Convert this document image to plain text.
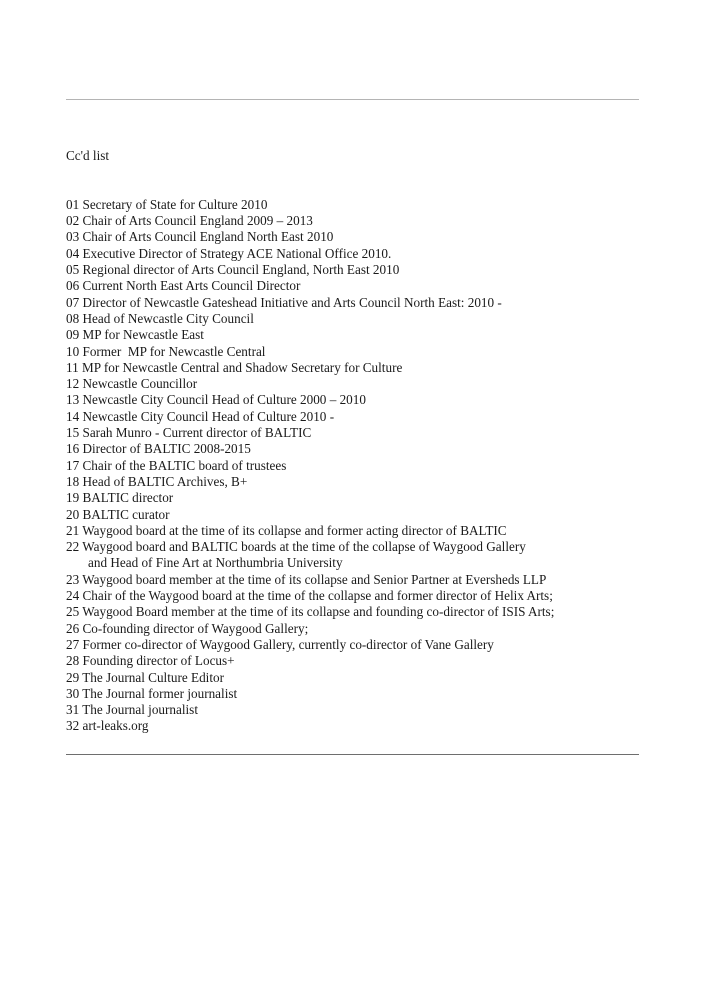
Cc'd list

01 Secretary of State for Culture 2010
02 Chair of Arts Council England 2009 – 2013
03 Chair of Arts Council England North East 2010
04 Executive Director of Strategy ACE National Office 2010.
05 Regional director of Arts Council England, North East 2010
06 Current North East Arts Council Director
07 Director of Newcastle Gateshead Initiative and Arts Council North East: 2010 -
08 Head of Newcastle City Council
09 MP for Newcastle East
10 Former  MP for Newcastle Central
11 MP for Newcastle Central and Shadow Secretary for Culture
12 Newcastle Councillor
13 Newcastle City Council Head of Culture 2000 – 2010
14 Newcastle City Council Head of Culture 2010 -
15 Sarah Munro - Current director of BALTIC
16 Director of BALTIC 2008-2015
17 Chair of the BALTIC board of trustees
18 Head of BALTIC Archives, B+
19 BALTIC director
20 BALTIC curator
21 Waygood board at the time of its collapse and former acting director of BALTIC
22 Waygood board and BALTIC boards at the time of the collapse of Waygood Gallery
and Head of Fine Art at Northumbria University
23 Waygood board member at the time of its collapse and Senior Partner at Eversheds LLP
24 Chair of the Waygood board at the time of the collapse and former director of Helix Arts;
25 Waygood Board member at the time of its collapse and founding co-director of ISIS Arts;
26 Co-founding director of Waygood Gallery;
27 Former co-director of Waygood Gallery, currently co-director of Vane Gallery
28 Founding director of Locus+
29 The Journal Culture Editor
30 The Journal former journalist
31 The Journal journalist
32 art-leaks.org
